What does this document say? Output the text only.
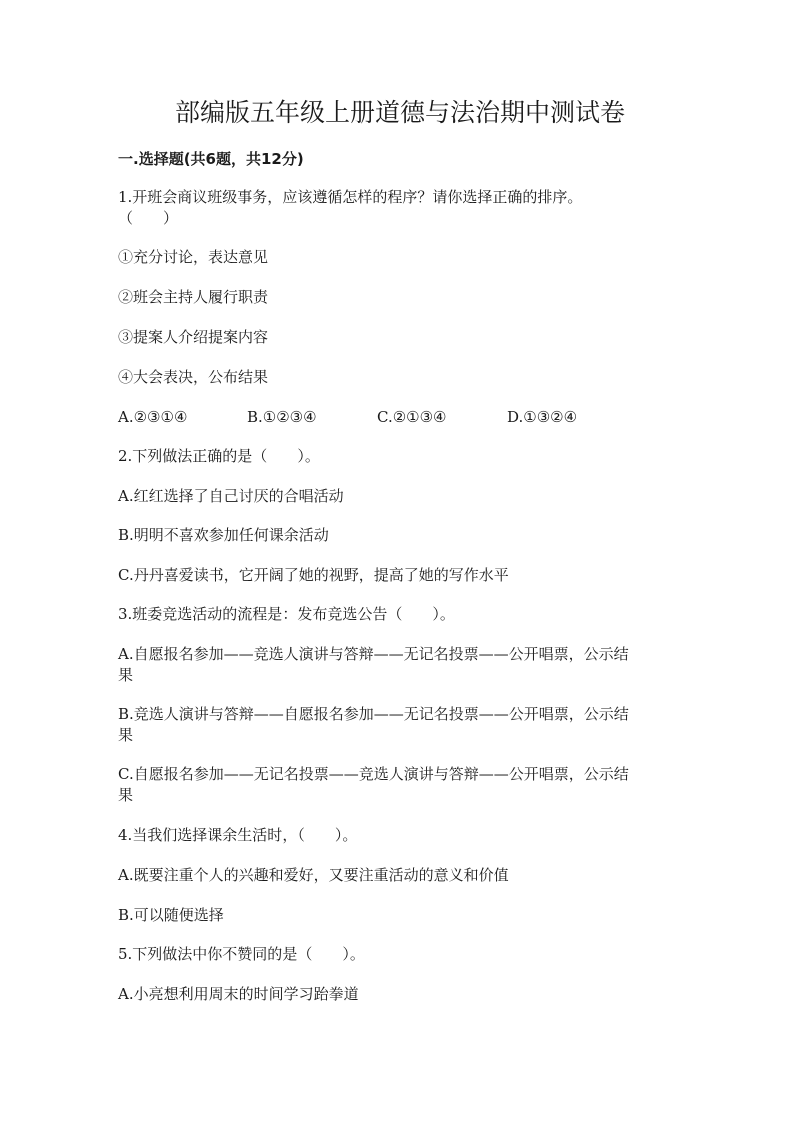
部编版五年级上册道德与法治期中测试卷
一.选择题(共6题，共12分)
1.开班会商议班级事务，应该遵循怎样的程序？请你选择正确的排序。
（　　）
①充分讨论，表达意见
②班会主持人履行职责
③提案人介绍提案内容
④大会表决，公布结果
A.②③①④	B.①②③④	C.②①③④	D.①③②④
2.下列做法正确的是（　　）。
A.红红选择了自己讨厌的合唱活动
B.明明不喜欢参加任何课余活动
C.丹丹喜爱读书，它开阔了她的视野，提高了她的写作水平
3.班委竞选活动的流程是：发布竞选公告（　　）。
A.自愿报名参加——竞选人演讲与答辩——无记名投票——公开唱票，公示结
果
B.竞选人演讲与答辩——自愿报名参加——无记名投票——公开唱票，公示结
果
C.自愿报名参加——无记名投票——竞选人演讲与答辩——公开唱票，公示结
果
4.当我们选择课余生活时，（　　）。
A.既要注重个人的兴趣和爱好，又要注重活动的意义和价值
B.可以随便选择
5.下列做法中你不赞同的是（　　）。
A.小亮想利用周末的时间学习跆拳道
